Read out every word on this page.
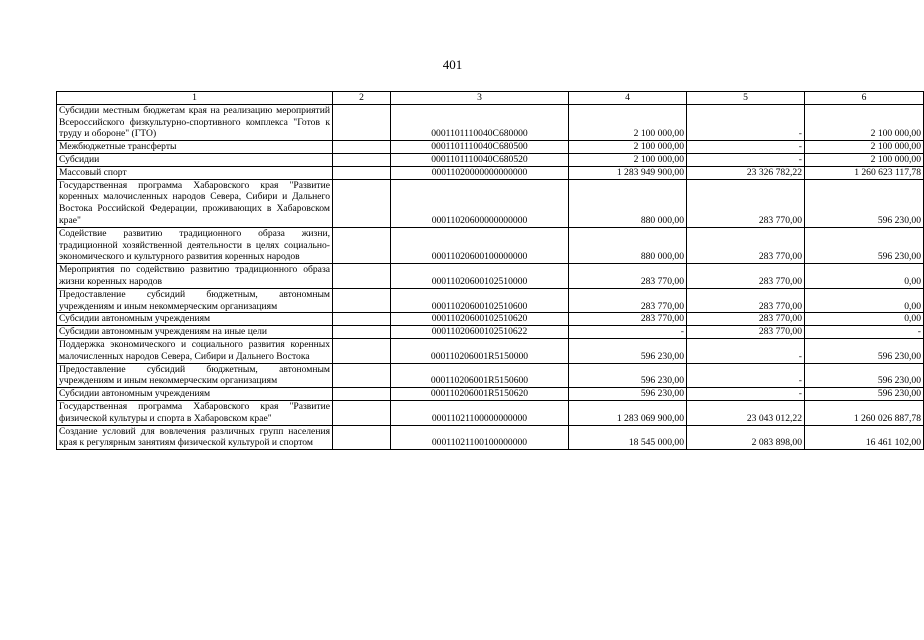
401
1	2	3	4	5	6
Субсидии местным бюджетам края на реализацию мероприятий Всероссийского физкультурно-спортивного комплекса "Готов к труду и обороне" (ГТО)		0001101110040C680000	2 100 000,00	-	2 100 000,00
Межбюджетные трансферты		0001101110040C680500	2 100 000,00	-	2 100 000,00
Субсидии		0001101110040C680520	2 100 000,00	-	2 100 000,00
Массовый спорт		00011020000000000000	1 283 949 900,00	23 326 782,22	1 260 623 117,78
Государственная программа Хабаровского края "Развитие коренных малочисленных народов Севера, Сибири и Дальнего Востока Российской Федерации, проживающих в Хабаровском крае"		00011020600000000000	880 000,00	283 770,00	596 230,00
Содействие развитию традиционного образа жизни, традиционной хозяйственной деятельности в целях социально-экономического и культурного развития коренных народов		00011020600100000000	880 000,00	283 770,00	596 230,00
Мероприятия по содействию развитию традиционного образа жизни коренных народов		00011020600102510000	283 770,00	283 770,00	0,00
Предоставление субсидий бюджетным, автономным учреждениям и иным некоммерческим организациям		00011020600102510600	283 770,00	283 770,00	0,00
Субсидии автономным учреждениям		00011020600102510620	283 770,00	283 770,00	0,00
Субсидии автономным учреждениям на иные цели		00011020600102510622	-	283 770,00	-
Поддержка экономического и социального развития коренных малочисленных народов Севера, Сибири и Дальнего Востока		000110206001R5150000	596 230,00	-	596 230,00
Предоставление субсидий бюджетным, автономным учреждениям и иным некоммерческим организациям		000110206001R5150600	596 230,00	-	596 230,00
Субсидии автономным учреждениям		000110206001R5150620	596 230,00	-	596 230,00
Государственная программа Хабаровского края "Развитие физической культуры и спорта в Хабаровском крае"		00011021100000000000	1 283 069 900,00	23 043 012,22	1 260 026 887,78
Создание условий для вовлечения различных групп населения края к регулярным занятиям физической культурой и спортом		00011021100100000000	18 545 000,00	2 083 898,00	16 461 102,00
